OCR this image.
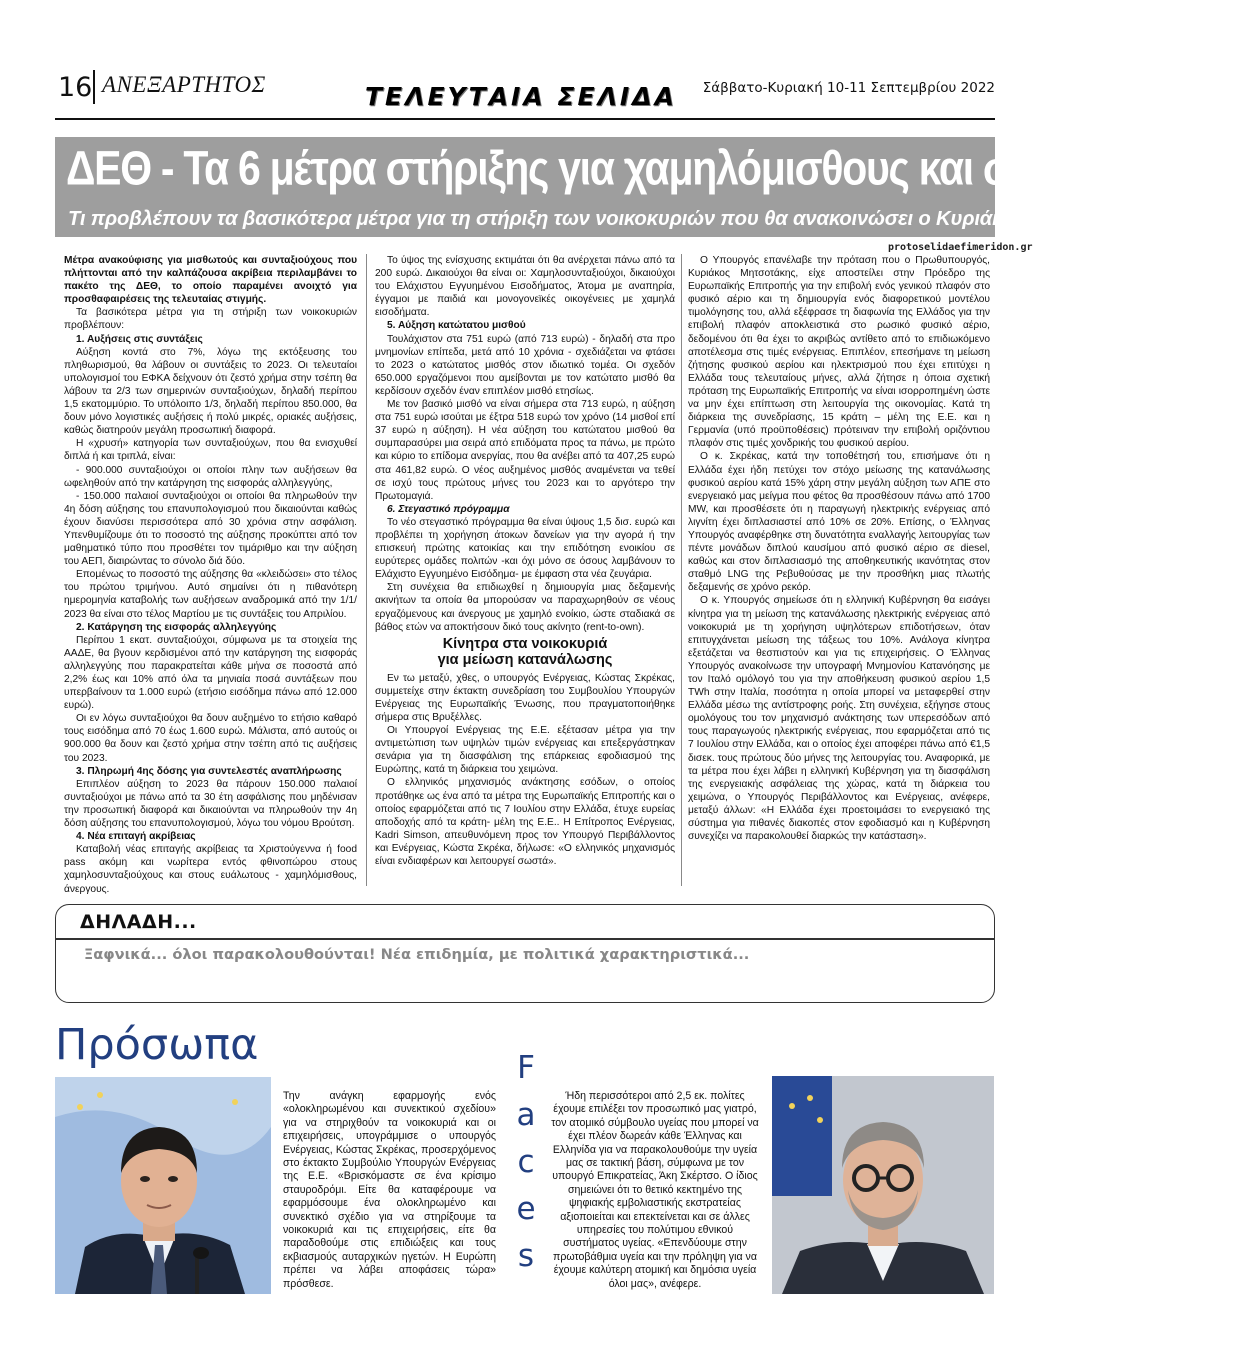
16 ΑΝΕΞΑΡΤΗΤΟΣ	ΤΕΛΕΥΤΑΙΑ ΣΕΛΙΔΑ Σάββατο-Κυριακή 10-11 Σεπτεμβρίου 2022
ΔΕΘ - Τα 6 μέτρα στήριξης για χαμηλόμισθους και συνταξιούχους
Τι προβλέπουν τα βασικότερα μέτρα για τη στήριξη των νοικοκυριών που θα ανακοινώσει ο Κυριάκος Μητσοτάκης
protoselidaefimeridon.gr

Μέτρα ανακούφισης για μισθωτούς και συνταξιούχους που πλήττονται από την καλπάζουσα ακρίβεια περιλαμβάνει το πακέτο της ΔΕΘ, το οποίο παραμένει ανοιχτό για προσθαφαιρέσεις της τελευταίας στιγμής.

Τα βασικότερα μέτρα για τη στήριξη των νοικοκυριών προβλέπουν:

1. Αυξήσεις στις συντάξεις

Αύξηση κοντά στο 7%, λόγω της εκτόξευσης του πληθωρισμού, θα λάβουν οι συντάξεις το 2023. Οι τελευταίοι υπολογισμοί του ΕΦΚΑ δείχνουν ότι ζεστό χρήμα στην τσέπη θα λάβουν τα 2/3 των σημερινών συνταξιούχων, δηλαδή περίπου 1,5 εκατομμύριο. Το υπόλοιπο 1/3, δηλαδή περίπου 850.000, θα δουν μόνο λογιστικές αυξήσεις ή πολύ μικρές, οριακές αυξήσεις, καθώς διατηρούν μεγάλη προσωπική διαφορά.

Η «χρυσή» κατηγορία των συνταξιούχων, που θα ενισχυθεί διπλά ή και τριπλά, είναι:

- 900.000 συνταξιούχοι οι οποίοι πλην των αυξήσεων θα ωφεληθούν από την κατάργηση της εισφοράς αλληλεγγύης,

- 150.000 παλαιοί συνταξιούχοι οι οποίοι θα πληρωθούν την 4η δόση αύξησης του επανυπολογισμού που δικαιούνται καθώς έχουν διανύσει περισσότερα από 30 χρόνια στην ασφάλιση. Υπενθυμίζουμε ότι το ποσοστό της αύξησης προκύπτει από τον μαθηματικό τύπο που προσθέτει τον τιμάριθμο και την αύξηση του ΑΕΠ, διαιρώντας το σύνολο διά δύο.

Επομένως το ποσοστό της αύξησης θα «κλειδώσει» στο τέλος του πρώτου τριμήνου. Αυτό σημαίνει ότι η πιθανότερη ημερομηνία καταβολής των αυξήσεων αναδρομικά από την 1/1/ 2023 θα είναι στο τέλος Μαρτίου με τις συντάξεις του Απριλίου.

2. Κατάργηση της εισφοράς αλληλεγγύης

Περίπου 1 εκατ. συνταξιούχοι, σύμφωνα με τα στοιχεία της ΑΑΔΕ, θα βγουν κερδισμένοι από την κατάργηση της εισφοράς αλληλεγγύης που παρακρατείται κάθε μήνα σε ποσοστά από 2,2% έως και 10% από όλα τα μηνιαία ποσά συντάξεων που υπερβαίνουν τα 1.000 ευρώ (ετήσιο εισόδημα πάνω από 12.000 ευρώ).

Οι εν λόγω συνταξιούχοι θα δουν αυξημένο το ετήσιο καθαρό τους εισόδημα από 70 έως 1.600 ευρώ. Μάλιστα, από αυτούς οι 900.000 θα δουν και ζεστό χρήμα στην τσέπη από τις αυξήσεις του 2023.

3. Πληρωμή 4ης δόσης για συντελεστές αναπλήρωσης

Επιπλέον αύξηση το 2023 θα πάρουν 150.000 παλαιοί συνταξιούχοι με πάνω από τα 30 έτη ασφάλισης που μηδένισαν την προσωπική διαφορά και δικαιούνται να πληρωθούν την 4η δόση αύξησης του επανυπολογισμού, λόγω του νόμου Βρούτση.

4. Νέα επιταγή ακρίβειας

Καταβολή νέας επιταγής ακρίβειας τα Χριστούγεννα ή food pass ακόμη και νωρίτερα εντός φθινοπώρου στους χαμηλοσυνταξιούχους και στους ευάλωτους - χαμηλόμισθους, άνεργους.

Το ύψος της ενίσχυσης εκτιμάται ότι θα ανέρχεται πάνω από τα 200 ευρώ. Δικαιούχοι θα είναι οι: Χαμηλοσυνταξιούχοι, δικαιούχοι του Ελάχιστου Εγγυημένου Εισοδήματος, Άτομα με αναπηρία, έγγαμοι με παιδιά και μονογονεϊκές οικογένειες με χαμηλά εισοδήματα.

5. Αύξηση κατώτατου μισθού

Τουλάχιστον στα 751 ευρώ (από 713 ευρώ) - δηλαδή στα προ μνημονίων επίπεδα, μετά από 10 χρόνια - σχεδιάζεται να φτάσει το 2023 ο κατώτατος μισθός στον ιδιωτικό τομέα. Οι σχεδόν 650.000 εργαζόμενοι που αμείβονται με τον κατώτατο μισθό θα κερδίσουν σχεδόν έναν επιπλέον μισθό ετησίως.

Με τον βασικό μισθό να είναι σήμερα στα 713 ευρώ, η αύξηση στα 751 ευρώ ισούται με έξτρα 518 ευρώ τον χρόνο (14 μισθοί επί 37 ευρώ η αύξηση). Η νέα αύξηση του κατώτατου μισθού θα συμπαρασύρει μια σειρά από επιδόματα προς τα πάνω, με πρώτο και κύριο το επίδομα ανεργίας, που θα ανέβει από τα 407,25 ευρώ στα 461,82 ευρώ. Ο νέος αυξημένος μισθός αναμένεται να τεθεί σε ισχύ τους πρώτους μήνες του 2023 και το αργότερο την Πρωτομαγιά.

6. Στεγαστικό πρόγραμμα

Το νέο στεγαστικό πρόγραμμα θα είναι ύψους 1,5 δισ. ευρώ και προβλέπει τη χορήγηση άτοκων δανείων για την αγορά ή την επισκευή πρώτης κατοικίας και την επιδότηση ενοικίου σε ευρύτερες ομάδες πολιτών -και όχι μόνο σε όσους λαμβάνουν το Ελάχιστο Εγγυημένο Εισόδημα- με έμφαση στα νέα ζευγάρια.

Στη συνέχεια θα επιδιωχθεί η δημιουργία μιας δεξαμενής ακινήτων τα οποία θα μπορούσαν να παραχωρηθούν σε νέους εργαζόμενους και άνεργους με χαμηλό ενοίκιο, ώστε σταδιακά σε βάθος ετών να αποκτήσουν δικό τους ακίνητο (rent-to-own).

Κίνητρα στα νοικοκυριά
για μείωση κατανάλωσης

Εν τω μεταξύ, χθες, ο υπουργός Ενέργειας, Κώστας Σκρέκας, συμμετείχε στην έκτακτη συνεδρίαση του Συμβουλίου Υπουργών Ενέργειας της Ευρωπαϊκής Ένωσης, που πραγματοποιήθηκε σήμερα στις Βρυξέλλες.

Οι Υπουργοί Ενέργειας της Ε.Ε. εξέτασαν μέτρα για την αντιμετώπιση των υψηλών τιμών ενέργειας και επεξεργάστηκαν σενάρια για τη διασφάλιση της επάρκειας εφοδιασμού της Ευρώπης, κατά τη διάρκεια του χειμώνα.

Ο ελληνικός μηχανισμός ανάκτησης εσόδων, ο οποίος προτάθηκε ως ένα από τα μέτρα της Ευρωπαϊκής Επιτροπής και ο οποίος εφαρμόζεται από τις 7 Ιουλίου στην Ελλάδα, έτυχε ευρείας αποδοχής από τα κράτη- μέλη της Ε.Ε.. Η Επίτροπος Ενέργειας, Kadri Simson, απευθυνόμενη προς τον Υπουργό Περιβάλλοντος και Ενέργειας, Κώστα Σκρέκα, δήλωσε: «Ο ελληνικός μηχανισμός είναι ενδιαφέρων και λειτουργεί σωστά».

Ο Υπουργός επανέλαβε την πρόταση που ο Πρωθυπουργός, Κυριάκος Μητσοτάκης, είχε αποστείλει στην Πρόεδρο της Ευρωπαϊκής Επιτροπής για την επιβολή ενός γενικού πλαφόν στο φυσικό αέριο και τη δημιουργία ενός διαφορετικού μοντέλου τιμολόγησης του, αλλά εξέφρασε τη διαφωνία της Ελλάδος για την επιβολή πλαφόν αποκλειστικά στο ρωσικό φυσικό αέριο, δεδομένου ότι θα έχει το ακριβώς αντίθετο από το επιδιωκόμενο αποτέλεσμα στις τιμές ενέργειας. Επιπλέον, επεσήμανε τη μείωση ζήτησης φυσικού αερίου και ηλεκτρισμού που έχει επιτύχει η Ελλάδα τους τελευταίους μήνες, αλλά ζήτησε η όποια σχετική πρόταση της Ευρωπαϊκής Επιτροπής να είναι ισορροπημένη ώστε να μην έχει επίπτωση στη λειτουργία της οικονομίας. Κατά τη διάρκεια της συνεδρίασης, 15 κράτη – μέλη της Ε.Ε. και η Γερμανία (υπό προϋποθέσεις) πρότειναν την επιβολή οριζόντιου πλαφόν στις τιμές χονδρικής του φυσικού αερίου.

Ο κ. Σκρέκας, κατά την τοποθέτησή του, επισήμανε ότι η Ελλάδα έχει ήδη πετύχει τον στόχο μείωσης της κατανάλωσης φυσικού αερίου κατά 15% χάρη στην μεγάλη αύξηση των ΑΠΕ στο ενεργειακό μας μείγμα που φέτος θα προσθέσουν πάνω από 1700 MW, και προσθέσετε ότι η παραγωγή ηλεκτρικής ενέργειας από λιγνίτη έχει διπλασιαστεί από 10% σε 20%. Επίσης, ο Έλληνας Υπουργός αναφέρθηκε στη δυνατότητα εναλλαγής λειτουργίας των πέντε μονάδων διπλού καυσίμου από φυσικό αέριο σε diesel, καθώς και στον διπλασιασμό της αποθηκευτικής ικανότητας στον σταθμό LNG της Ρεβυθούσας με την προσθήκη μιας πλωτής δεξαμενής σε χρόνο ρεκόρ.

Ο κ. Υπουργός σημείωσε ότι η ελληνική Κυβέρνηση θα εισάγει κίνητρα για τη μείωση της κατανάλωσης ηλεκτρικής ενέργειας από νοικοκυριά με τη χορήγηση υψηλότερων επιδοτήσεων, όταν επιτυγχάνεται μείωση της τάξεως του 10%. Ανάλογα κίνητρα εξετάζεται να θεσπιστούν και για τις επιχειρήσεις. Ο Έλληνας Υπουργός ανακοίνωσε την υπογραφή Μνημονίου Κατανόησης με τον Ιταλό ομόλογό του για την αποθήκευση φυσικού αερίου 1,5 TWh στην Ιταλία, ποσότητα η οποία μπορεί να μεταφερθεί στην Ελλάδα μέσω της αντίστροφης ροής. Στη συνέχεια, εξήγησε στους ομολόγους του τον μηχανισμό ανάκτησης των υπερεσόδων από τους παραγωγούς ηλεκτρικής ενέργειας, που εφαρμόζεται από τις 7 Ιουλίου στην Ελλάδα, και ο οποίος έχει αποφέρει πάνω από €1,5 δισεκ. τους πρώτους δύο μήνες της λειτουργίας του. Αναφορικά, με τα μέτρα που έχει λάβει η ελληνική Κυβέρνηση για τη διασφάλιση της ενεργειακής ασφάλειας της χώρας, κατά τη διάρκεια του χειμώνα, ο Υπουργός Περιβάλλοντος και Ενέργειας, ανέφερε, μεταξύ άλλων: «Η Ελλάδα έχει προετοιμάσει το ενεργειακό της σύστημα για πιθανές διακοπές στον εφοδιασμό και η Κυβέρνηση συνεχίζει να παρακολουθεί διαρκώς την κατάσταση».

ΔΗΛΑΔΗ...
Ξαφνικά... όλοι παρακολουθούνται! Νέα επιδημία, με πολιτικά χαρακτηριστικά...
Πρόσωπα	F
a
c
e
s
Την ανάγκη εφαρμογής ενός «ολοκληρωμένου και συνεκτικού σχεδίου» για να στηριχθούν τα νοικοκυριά και οι επιχειρήσεις, υπογράμμισε ο υπουργός Ενέργειας, Κώστας Σκρέκας, προσερχόμενος στο έκτακτο Συμβούλιο Υπουργών Ενέργειας της Ε.Ε. «Βρισκόμαστε σε ένα κρίσιμο σταυροδρόμι. Είτε θα καταφέρουμε να εφαρμόσουμε ένα ολοκληρωμένο και συνεκτικό σχέδιο για να στηρίξουμε τα νοικοκυριά και τις επιχειρήσεις, είτε θα παραδοθούμε στις επιδιώξεις και τους εκβιασμούς αυταρχικών ηγετών. Η Ευρώπη πρέπει να λάβει αποφάσεις τώρα» πρόσθεσε.
Ήδη περισσότεροι από 2,5 εκ. πολίτες έχουμε επιλέξει τον προσωπικό μας γιατρό, τον ατομικό σύμβουλο υγείας που μπορεί να έχει πλέον δωρεάν κάθε Έλληνας και Ελληνίδα για να παρακολουθούμε την υγεία μας σε τακτική βάση, σύμφωνα με τον υπουργό Επικρατείας, Άκη Σκέρτσο. Ο ίδιος σημειώνει ότι το θετικό κεκτημένο της ψηφιακής εμβολιαστικής εκστρατείας αξιοποιείται και επεκτείνεται και σε άλλες υπηρεσίες του πολύτιμου εθνικού συστήματος υγείας. «Επενδύουμε στην πρωτοβάθμια υγεία και την πρόληψη για να έχουμε καλύτερη ατομική και δημόσια υγεία όλοι μας», ανέφερε.
